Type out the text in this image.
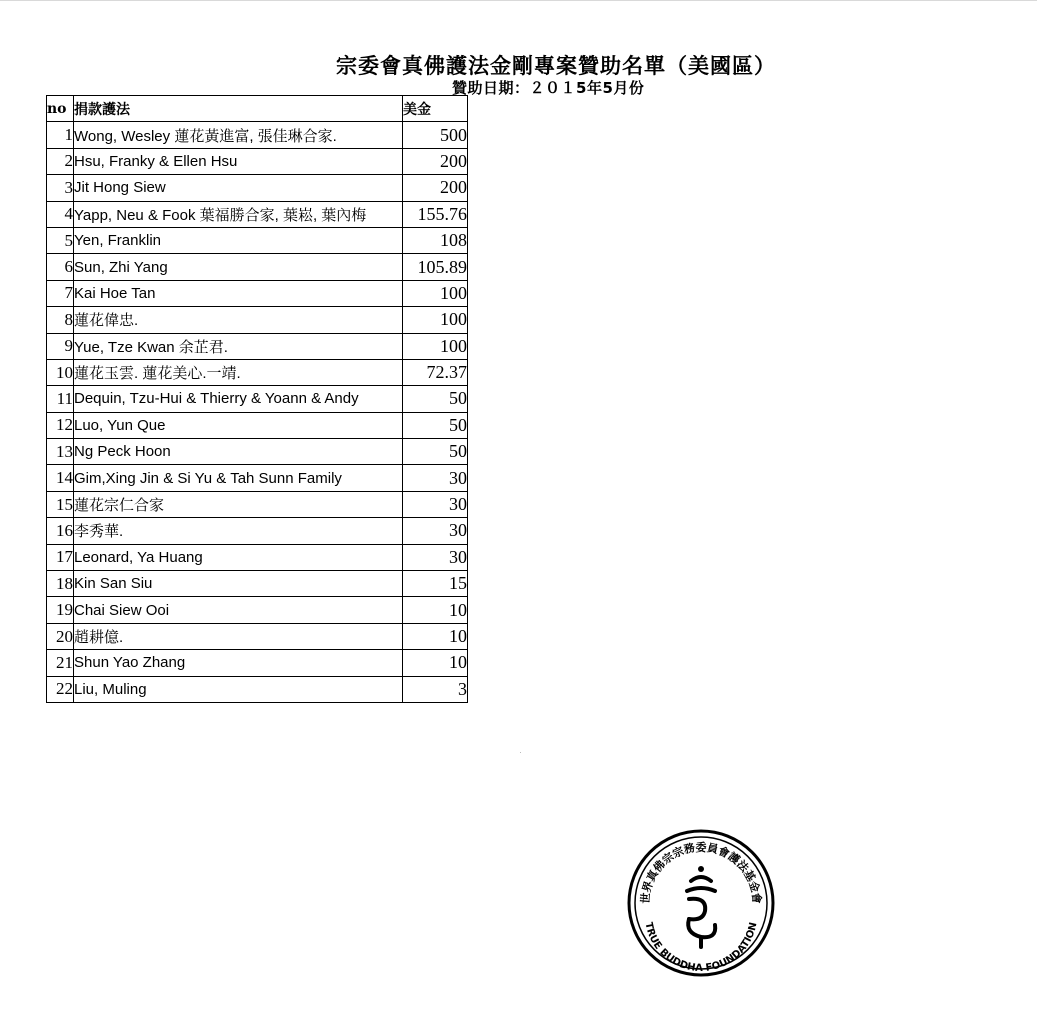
宗委會真佛護法金剛專案贊助名單（美國區）
贊助日期：２０１5年5月份
no	捐款護法	美金
1	Wong, Wesley 蓮花黃進富, 張佳琳合家.	500
2	Hsu, Franky & Ellen Hsu	200
3	Jit Hong Siew	200
4	Yapp, Neu & Fook 葉福勝合家, 葉崧, 葉內梅	155.76
5	Yen, Franklin	108
6	Sun, Zhi Yang	105.89
7	Kai Hoe Tan	100
8	蓮花偉忠.	100
9	Yue, Tze Kwan 余芷君.	100
10	蓮花玉雲. 蓮花美心.一靖.	72.37
11	Dequin, Tzu-Hui & Thierry & Yoann & Andy	50
12	Luo, Yun Que	50
13	Ng Peck Hoon	50
14	Gim,Xing Jin & Si Yu & Tah Sunn Family	30
15	蓮花宗仁合家	30
16	李秀華.	30
17	Leonard, Ya Huang	30
18	Kin San Siu	15
19	Chai Siew Ooi	10
20	趙耕億.	10
21	Shun Yao Zhang	10
22	Liu, Muling	3
世界真佛宗宗務委員會護法基金會
TRUE BUDDHA FOUNDATION
